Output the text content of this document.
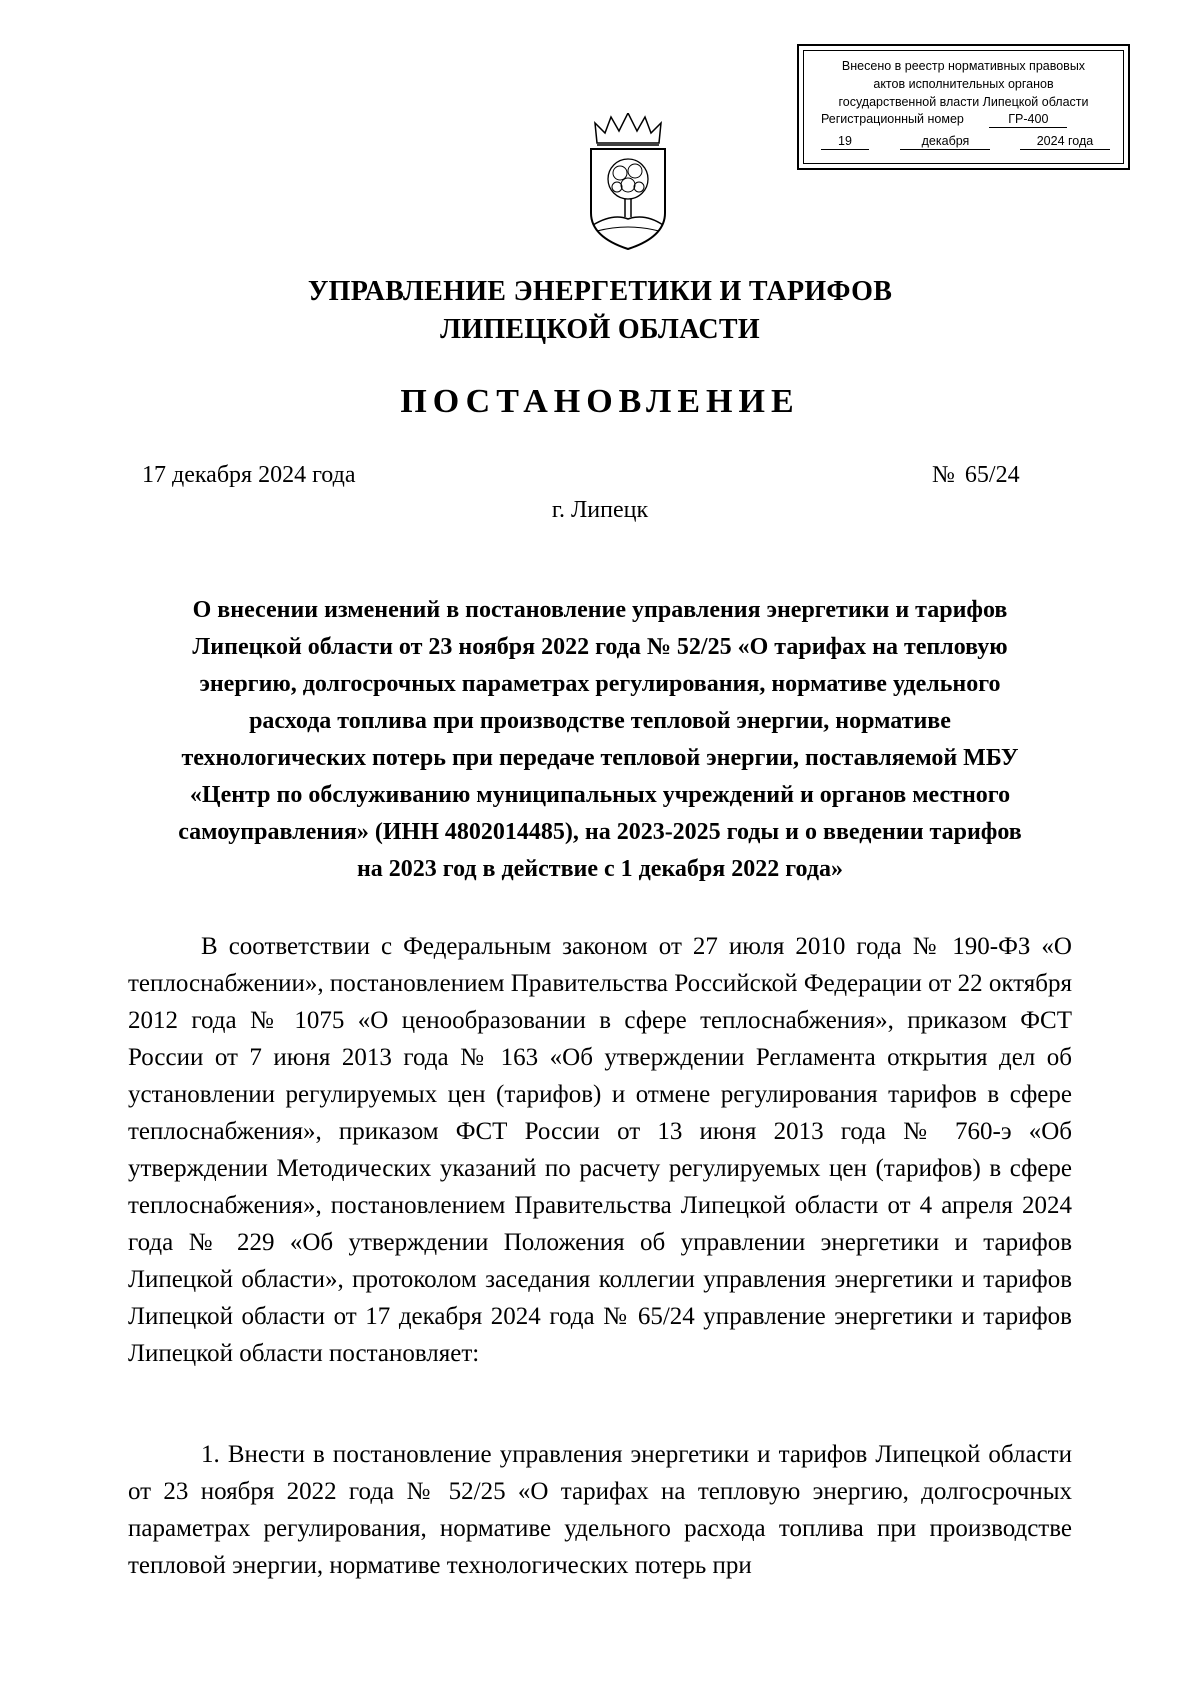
Внесено в реестр нормативных правовых
актов исполнительных органов
государственной власти Липецкой области
Регистрационный номер	ГР-400
19	декабря	2024 года
УПРАВЛЕНИЕ ЭНЕРГЕТИКИ И ТАРИФОВ
ЛИПЕЦКОЙ ОБЛАСТИ
ПОСТАНОВЛЕНИЕ
17 декабря 2024 года	№ 65/24
г. Липецк
О внесении изменений в постановление управления энергетики и тарифов
Липецкой области от 23 ноября 2022 года № 52/25 «О тарифах на тепловую
энергию, долгосрочных параметрах регулирования, нормативе удельного
расхода топлива при производстве тепловой энергии, нормативе
технологических потерь при передаче тепловой энергии, поставляемой МБУ
«Центр по обслуживанию муниципальных учреждений и органов местного
самоуправления» (ИНН 4802014485), на 2023-2025 годы и о введении тарифов
на 2023 год в действие с 1 декабря 2022 года»
В соответствии с Федеральным законом от 27 июля 2010 года № 190-ФЗ «О теплоснабжении», постановлением Правительства Российской Федерации от 22 октября 2012 года № 1075 «О ценообразовании в сфере теплоснабжения», приказом ФСТ России от 7 июня 2013 года № 163 «Об утверждении Регламента открытия дел об установлении регулируемых цен (тарифов) и отмене регулирования тарифов в сфере теплоснабжения», приказом ФСТ России от 13 июня 2013 года № 760-э «Об утверждении Методических указаний по расчету регулируемых цен (тарифов) в сфере теплоснабжения», постановлением Правительства Липецкой области от 4 апреля 2024 года № 229 «Об утверждении Положения об управлении энергетики и тарифов Липецкой области», протоколом заседания коллегии управления энергетики и тарифов Липецкой области от 17 декабря 2024 года № 65/24 управление энергетики и тарифов Липецкой области постановляет:
1. Внести в постановление управления энергетики и тарифов Липецкой области от 23 ноября 2022 года № 52/25 «О тарифах на тепловую энергию, долгосрочных параметрах регулирования, нормативе удельного расхода топлива при производстве тепловой энергии, нормативе технологических потерь при
